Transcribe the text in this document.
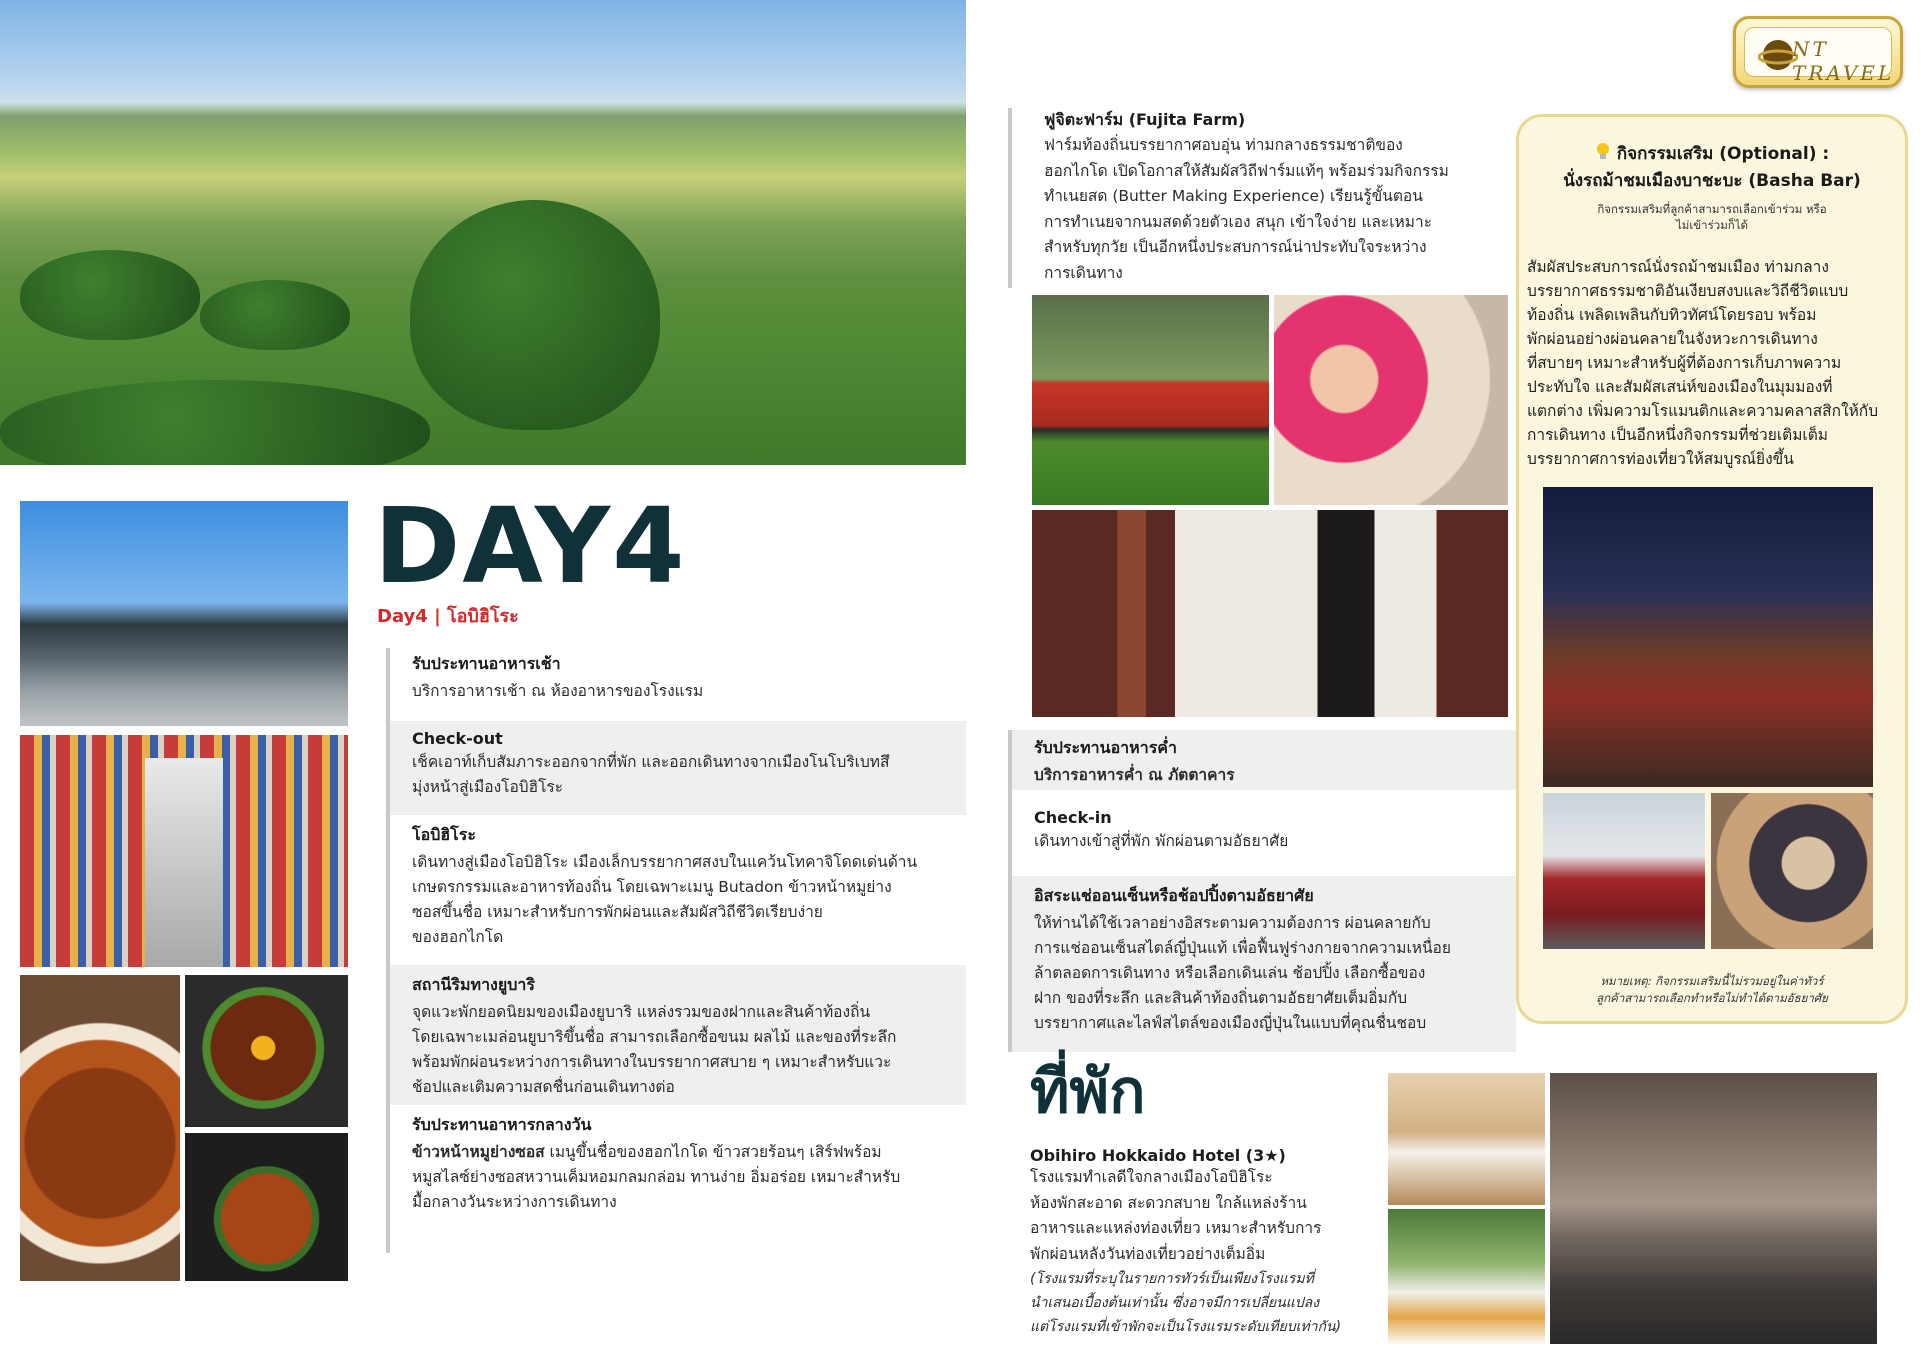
NT TRAVEL
DAY4
Day4 | โอบิฮิโระ
รับประทานอาหารเช้า

บริการอาหารเช้า ณ ห้องอาหารของโรงแรม

Check-out

เช็คเอาท์เก็บสัมภาระออกจากที่พัก และออกเดินทางจากเมืองโนโบริเบทสึ
มุ่งหน้าสู่เมืองโอบิฮิโระ

โอบิฮิโระ

เดินทางสู่เมืองโอบิฮิโระ เมืองเล็กบรรยากาศสงบในแคว้นโทคาจิโดดเด่นด้าน
เกษตรกรรมและอาหารท้องถิ่น โดยเฉพาะเมนู Butadon ข้าวหน้าหมูย่าง
ซอสขึ้นชื่อ เหมาะสำหรับการพักผ่อนและสัมผัสวิถีชีวิตเรียบง่าย
ของฮอกไกโด

สถานีริมทางยูบาริ

จุดแวะพักยอดนิยมของเมืองยูบาริ แหล่งรวมของฝากและสินค้าท้องถิ่น
โดยเฉพาะเมล่อนยูบาริขึ้นชื่อ สามารถเลือกซื้อขนม ผลไม้ และของที่ระลึก
พร้อมพักผ่อนระหว่างการเดินทางในบรรยากาศสบาย ๆ เหมาะสำหรับแวะ
ช้อปและเติมความสดชื่นก่อนเดินทางต่อ

รับประทานอาหารกลางวัน

ข้าวหน้าหมูย่างซอส เมนูขึ้นชื่อของฮอกไกโด ข้าวสวยร้อนๆ เสิร์ฟพร้อม
หมูสไลซ์ย่างซอสหวานเค็มหอมกลมกล่อม ทานง่าย อิ่มอร่อย เหมาะสำหรับ
มื้อกลางวันระหว่างการเดินทาง

ฟูจิตะฟาร์ม (Fujita Farm)
ฟาร์มท้องถิ่นบรรยากาศอบอุ่น ท่ามกลางธรรมชาติของ
ฮอกไกโด เปิดโอกาสให้สัมผัสวิถีฟาร์มแท้ๆ พร้อมร่วมกิจกรรม
ทำเนยสด (Butter Making Experience) เรียนรู้ขั้นตอน
การทำเนยจากนมสดด้วยตัวเอง สนุก เข้าใจง่าย และเหมาะ
สำหรับทุกวัย เป็นอีกหนึ่งประสบการณ์น่าประทับใจระหว่าง
การเดินทาง
รับประทานอาหารค่ำ

บริการอาหารค่ำ ณ ภัตตาคาร

Check-in

เดินทางเข้าสู่ที่พัก พักผ่อนตามอัธยาศัย

อิสระแช่ออนเซ็นหรือช้อปปิ้งตามอัธยาศัย

ให้ท่านได้ใช้เวลาอย่างอิสระตามความต้องการ ผ่อนคลายกับ
การแช่ออนเซ็นสไตล์ญี่ปุ่นแท้ เพื่อฟื้นฟูร่างกายจากความเหนื่อย
ล้าตลอดการเดินทาง หรือเลือกเดินเล่น ช้อปปิ้ง เลือกซื้อของ
ฝาก ของที่ระลึก และสินค้าท้องถิ่นตามอัธยาศัยเต็มอิ่มกับ
บรรยากาศและไลฟ์สไตล์ของเมืองญี่ปุ่นในแบบที่คุณชื่นชอบ

ที่พัก
Obihiro Hokkaido Hotel (3★)
โรงแรมทำเลดีใจกลางเมืองโอบิฮิโระ
ห้องพักสะอาด สะดวกสบาย ใกล้แหล่งร้าน
อาหารและแหล่งท่องเที่ยว เหมาะสำหรับการ
พักผ่อนหลังวันท่องเที่ยวอย่างเต็มอิ่ม
(โรงแรมที่ระบุในรายการทัวร์เป็นเพียงโรงแรมที่
นำเสนอเบื้องต้นเท่านั้น ซึ่งอาจมีการเปลี่ยนแปลง
แต่โรงแรมที่เข้าพักจะเป็นโรงแรมระดับเทียบเท่ากัน)
กิจกรรมเสริม (Optional) :
นั่งรถม้าชมเมืองบาชะบะ (Basha Bar)
กิจกรรมเสริมที่ลูกค้าสามารถเลือกเข้าร่วม หรือ
ไม่เข้าร่วมก็ได้
สัมผัสประสบการณ์นั่งรถม้าชมเมือง ท่ามกลาง
บรรยากาศธรรมชาติอันเงียบสงบและวิถีชีวิตแบบ
ท้องถิ่น เพลิดเพลินกับทิวทัศน์โดยรอบ พร้อม
พักผ่อนอย่างผ่อนคลายในจังหวะการเดินทาง
ที่สบายๆ เหมาะสำหรับผู้ที่ต้องการเก็บภาพความ
ประทับใจ และสัมผัสเสน่ห์ของเมืองในมุมมองที่
แตกต่าง เพิ่มความโรแมนติกและความคลาสสิกให้กับ
การเดินทาง เป็นอีกหนึ่งกิจกรรมที่ช่วยเติมเต็ม
บรรยากาศการท่องเที่ยวให้สมบูรณ์ยิ่งขึ้น
หมายเหตุ: กิจกรรมเสริมนี้ไม่รวมอยู่ในค่าทัวร์
ลูกค้าสามารถเลือกทำหรือไม่ทำได้ตามอัธยาศัย
